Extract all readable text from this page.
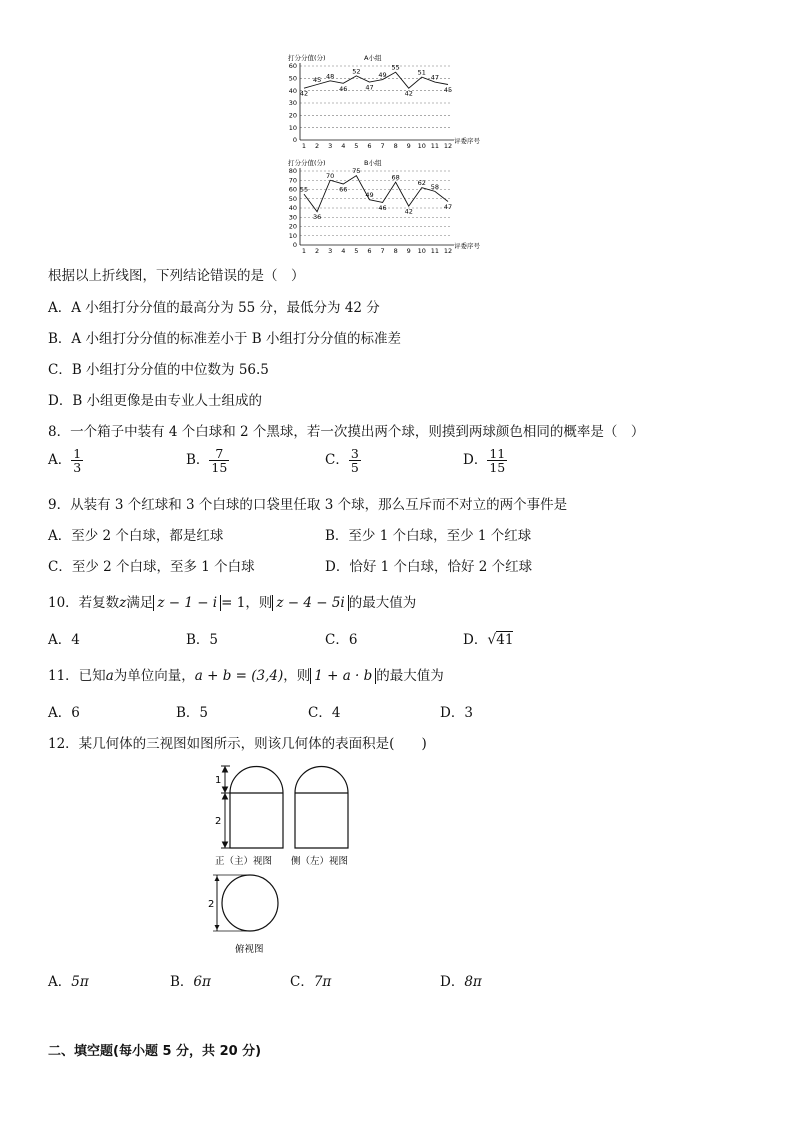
打分分值(分)	A小组
0
10
20
30
40
50
60
1 2 3 4 5 6 7 8 9 10 11 12
评委序号
42
45 48
46
52
47
49
55
42
51
47
45
打分分值(分)	B小组
0
10
20
30
40
50
60
70
80
1 2 3 4 5 6 7 8 9 10 11 12
评委序号
55
36
70
66
75
49
46
68
42
62 58
47
根据以上折线图，下列结论错误的是（　）
A．A 小组打分分值的最高分为 55 分，最低分为 42 分
B．A 小组打分分值的标准差小于 B 小组打分分值的标准差
C．B 小组打分分值的中位数为 56.5
D．B 小组更像是由专业人士组成的
8．一个箱子中装有 4 个白球和 2 个黑球，若一次摸出两个球，则摸到两球颜色相同的概率是（　）
A． $\frac{1}{3}$	B． $\frac{7}{15}$	C． $\frac{3}{5}$	D． $\frac{11}{15}$
9．从装有 3 个红球和 3 个白球的口袋里任取 3 个球，那么互斥而不对立的两个事件是
A．至少 2 个白球，都是红球	B．至少 1 个白球，至少 1 个红球
C．至少 2 个白球，至多 1 个白球	D．恰好 1 个白球，恰好 2 个红球
10．若复数z满足 z − 1 − i = 1，则 z − 4 − 5i 的最大值为
A．4	B．5	C．6	D．√41
11．已知a为单位向量，a + b = (3,4)，则 1 + a · b 的最大值为
A．6	B．5	C．4	D．3
12．某几何体的三视图如图所示，则该几何体的表面积是(　　)
1
2
正（主）视图 侧（左）视图
2
俯视图
A．5π	B．6π	C．7π	D．8π
二、填空题(每小题 5 分，共 20 分)
